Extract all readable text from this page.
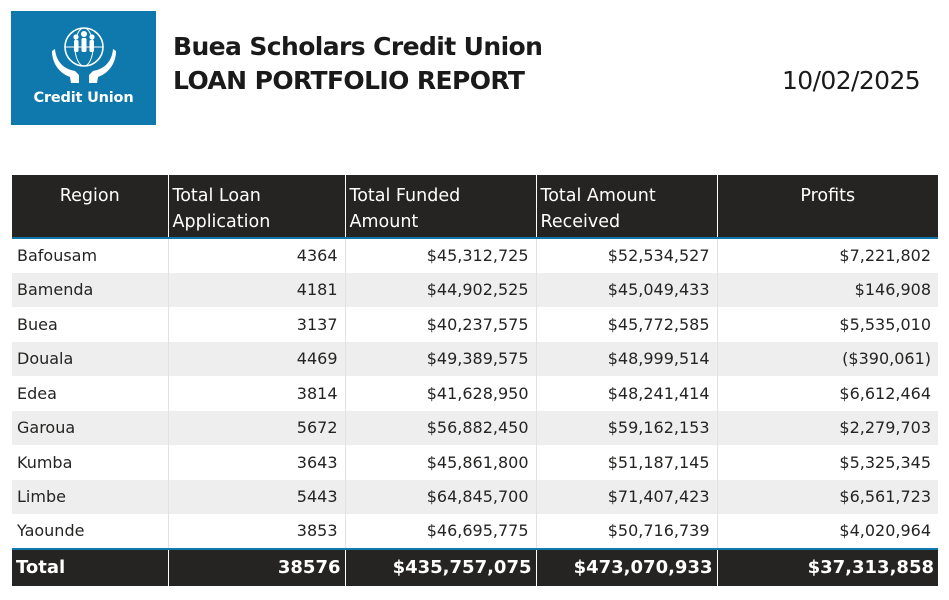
Credit Union
Buea Scholars Credit Union
LOAN PORTFOLIO REPORT	10/02/2025
Region	Total Loan Application	Total Funded Amount	Total Amount Received	Profits
Bafousam	4364	$45,312,725	$52,534,527	$7,221,802
Bamenda	4181	$44,902,525	$45,049,433	$146,908
Buea	3137	$40,237,575	$45,772,585	$5,535,010
Douala	4469	$49,389,575	$48,999,514	($390,061)
Edea	3814	$41,628,950	$48,241,414	$6,612,464
Garoua	5672	$56,882,450	$59,162,153	$2,279,703
Kumba	3643	$45,861,800	$51,187,145	$5,325,345
Limbe	5443	$64,845,700	$71,407,423	$6,561,723
Yaounde	3853	$46,695,775	$50,716,739	$4,020,964
Total	38576	$435,757,075	$473,070,933	$37,313,858
